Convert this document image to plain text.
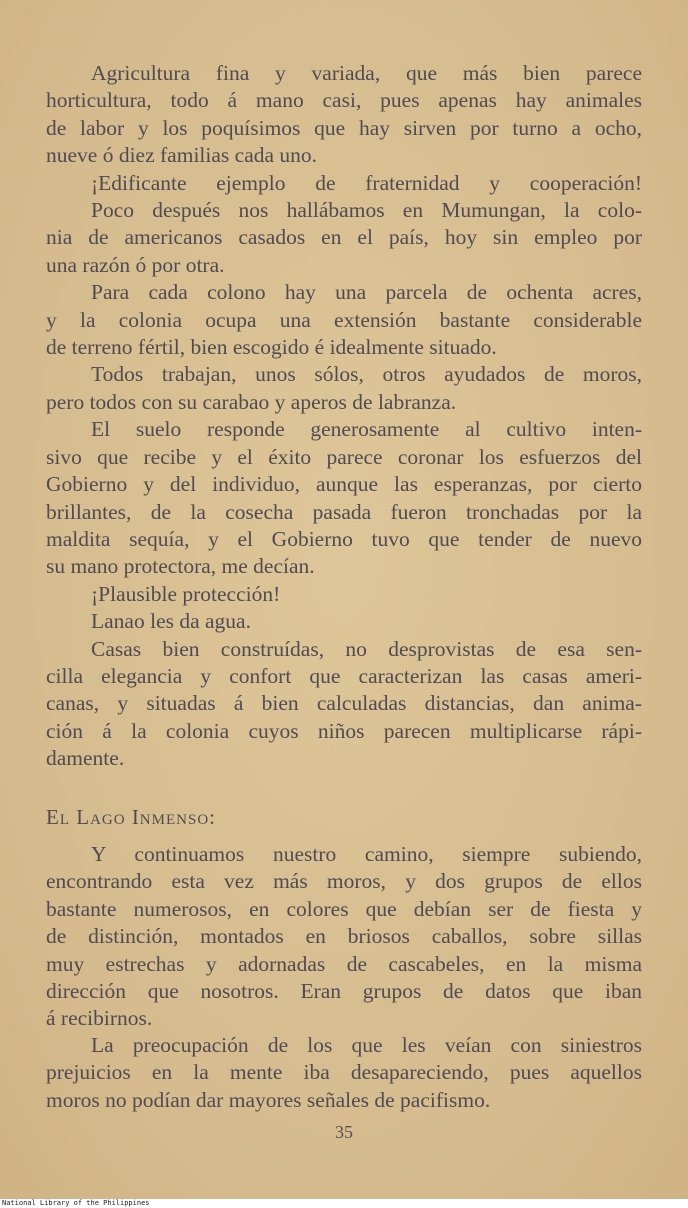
Agricultura fina y variada, que más bien parece
horticultura, todo á mano casi, pues apenas hay animales
de labor y los poquísimos que hay sirven por turno a ocho,
nueve ó diez familias cada uno.
¡Edificante ejemplo de fraternidad y cooperación!
Poco después nos hallábamos en Mumungan, la colo-
nia de americanos casados en el país, hoy sin empleo por
una razón ó por otra.
Para cada colono hay una parcela de ochenta acres,
y la colonia ocupa una extensión bastante considerable
de terreno fértil, bien escogido é idealmente situado.
Todos trabajan, unos sólos, otros ayudados de moros,
pero todos con su carabao y aperos de labranza.
El suelo responde generosamente al cultivo inten-
sivo que recibe y el éxito parece coronar los esfuerzos del
Gobierno y del individuo, aunque las esperanzas, por cierto
brillantes, de la cosecha pasada fueron tronchadas por la
maldita sequía, y el Gobierno tuvo que tender de nuevo
su mano protectora, me decían.
¡Plausible protección!
Lanao les da agua.
Casas bien construídas, no desprovistas de esa sen-
cilla elegancia y confort que caracterizan las casas ameri-
canas, y situadas á bien calculadas distancias, dan anima-
ción á la colonia cuyos niños parecen multiplicarse rápi-
damente.
El Lago Inmenso:
Y continuamos nuestro camino, siempre subiendo,
encontrando esta vez más moros, y dos grupos de ellos
bastante numerosos, en colores que debían ser de fiesta y
de distinción, montados en briosos caballos, sobre sillas
muy estrechas y adornadas de cascabeles, en la misma
dirección que nosotros. Eran grupos de datos que iban
á recibirnos.
La preocupación de los que les veían con siniestros
prejuicios en la mente iba desapareciendo, pues aquellos
moros no podían dar mayores señales de pacifismo.
35
National Library of the Philippines
